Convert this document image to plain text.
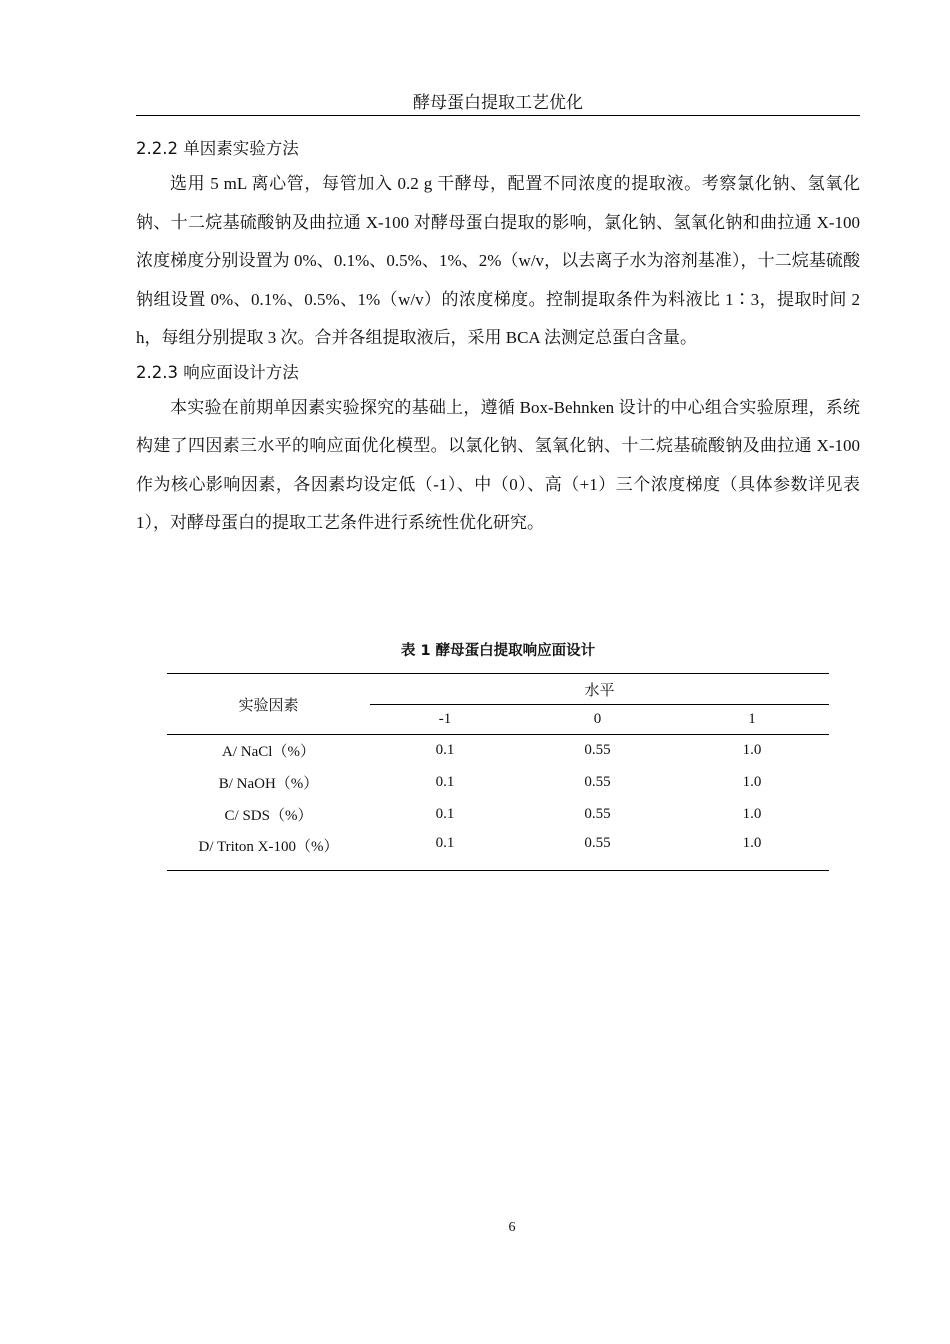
酵母蛋白提取工艺优化
2.2.2 单因素实验方法

选用 5 mL 离心管，每管加入 0.2 g 干酵母，配置不同浓度的提取液。考察氯化钠、氢氧化钠、十二烷基硫酸钠及曲拉通 X-100 对酵母蛋白提取的影响，氯化钠、氢氧化钠和曲拉通 X-100 浓度梯度分别设置为 0%、0.1%、0.5%、1%、2%（w/v，以去离子水为溶剂基准），十二烷基硫酸钠组设置 0%、0.1%、0.5%、1%（w/v）的浓度梯度。控制提取条件为料液比 1∶3，提取时间 2 h，每组分别提取 3 次。合并各组提取液后，采用 BCA 法测定总蛋白含量。

2.2.3 响应面设计方法

本实验在前期单因素实验探究的基础上，遵循 Box-Behnken 设计的中心组合实验原理，系统构建了四因素三水平的响应面优化模型。以氯化钠、氢氧化钠、十二烷基硫酸钠及曲拉通 X-100 作为核心影响因素，各因素均设定低（-1）、中（0）、高（+1）三个浓度梯度（具体参数详见表 1），对酵母蛋白的提取工艺条件进行系统性优化研究。

表 1 酵母蛋白提取响应面设计
实验因素	水平		
	-1	0	1
A/ NaCl（%）	0.1	0.55	1.0
B/ NaOH（%）	0.1	0.55	1.0
C/ SDS（%）	0.1	0.55	1.0
D/ Triton X-100（%）	0.1	0.55	1.0
6
